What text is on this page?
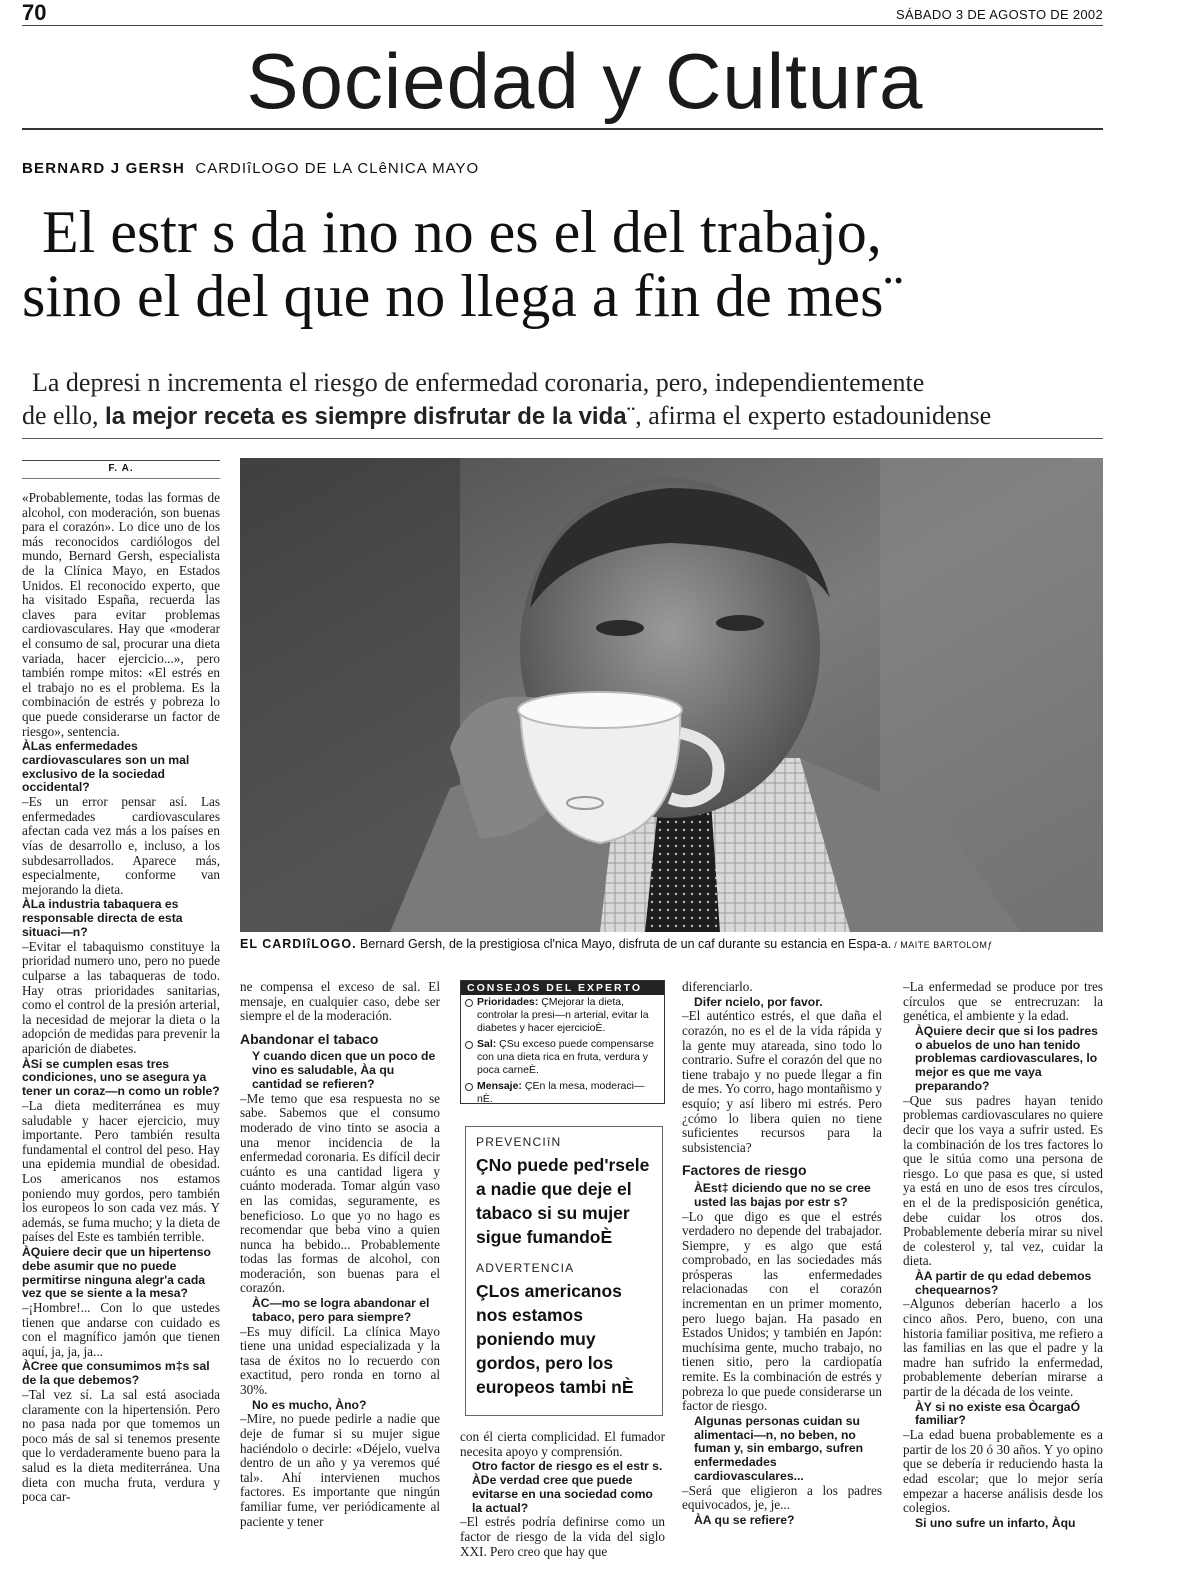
70	SÁBADO 3 DE AGOSTO DE 2002
Sociedad y Cultura
BERNARD J GERSH CARDIîLOGO DE LA CLêNICA MAYO
El estr s da ino no es el del trabajo,
sino el del que no llega a fin de mes¨
La depresi n incrementa el riesgo de enfermedad coronaria, pero, independientemente
de ello, la mejor receta es siempre disfrutar de la vida¨, afirma el experto estadounidense
F. A.

«Probablemente, todas las formas de alcohol, con moderación, son buenas para el corazón». Lo dice uno de los más reconocidos cardiólogos del mundo, Bernard Gersh, especialista de la Clínica Mayo, en Estados Unidos. El reconocido experto, que ha visitado España, recuerda las claves para evitar problemas cardiovasculares. Hay que «moderar el consumo de sal, procurar una dieta variada, hacer ejercicio...», pero también rompe mitos: «El estrés en el trabajo no es el problema. Es la combinación de estrés y pobreza lo que puede considerarse un factor de riesgo», sentencia.

ÀLas enfermedades cardiovasculares son un mal exclusivo de la sociedad occidental?

–Es un error pensar así. Las enfermedades cardiovasculares afectan cada vez más a los países en vías de desarrollo e, incluso, a los subdesarrollados. Aparece más, especialmente, conforme van mejorando la dieta.

ÀLa industria tabaquera es responsable directa de esta situaci—n?

–Evitar el tabaquismo constituye la prioridad numero uno, pero no puede culparse a las tabaqueras de todo. Hay otras prioridades sanitarias, como el control de la presión arterial, la necesidad de mejorar la dieta o la adopción de medidas para prevenir la aparición de diabetes.

ÀSi se cumplen esas tres condiciones, uno se asegura ya tener un coraz—n como un roble?

–La dieta mediterránea es muy saludable y hacer ejercicio, muy importante. Pero también resulta fundamental el control del peso. Hay una epidemia mundial de obesidad. Los americanos nos estamos poniendo muy gordos, pero también los europeos lo son cada vez más. Y además, se fuma mucho; y la dieta de países del Este es también terrible.

ÀQuiere decir que un hipertenso debe asumir que no puede permitirse ninguna alegr'a cada vez que se siente a la mesa?

–¡Hombre!... Con lo que ustedes tienen que andarse con cuidado es con el magnífico jamón que tienen aquí, ja, ja, ja...

ÀCree que consumimos m‡s sal de la que debemos?

–Tal vez sí. La sal está asociada claramente con la hipertensión. Pero no pasa nada por que tomemos un poco más de sal si tenemos presente que lo verdaderamente bueno para la salud es la dieta mediterránea. Una dieta con mucha fruta, verdura y poca car-

EL CARDIîLOGO. Bernard Gersh, de la prestigiosa cl'nica Mayo, disfruta de un caf durante su estancia en Espa-a. / MAITE BARTOLOMƒ

ne compensa el exceso de sal. El mensaje, en cualquier caso, debe ser siempre el de la moderación.

Abandonar el tabaco

Y cuando dicen que un poco de vino es saludable, Àa qu cantidad se refieren?

–Me temo que esa respuesta no se sabe. Sabemos que el consumo moderado de vino tinto se asocia a una menor incidencia de la enfermedad coronaria. Es difícil decir cuánto es una cantidad ligera y cuánto moderada. Tomar algún vaso en las comidas, seguramente, es beneficioso. Lo que yo no hago es recomendar que beba vino a quien nunca ha bebido... Probablemente todas las formas de alcohol, con moderación, son buenas para el corazón.

ÀC—mo se logra abandonar el tabaco, pero para siempre?

–Es muy difícil. La clínica Mayo tiene una unidad especializada y la tasa de éxitos no lo recuerdo con exactitud, pero ronda en torno al 30%.

No es mucho, Àno?

–Mire, no puede pedirle a nadie que deje de fumar si su mujer sigue haciéndolo o decirle: «Déjelo, vuelva dentro de un año y ya veremos qué tal». Ahí intervienen muchos factores. Es importante que ningún familiar fume, ver periódicamente al paciente y tener

CONSEJOS DEL EXPERTO
Prioridades: ÇMejorar la dieta, controlar la presi—n arterial, evitar la diabetes y hacer ejercicioÈ.
Sal: ÇSu exceso puede compensarse con una dieta rica en fruta, verdura y poca carneÈ.
Mensaje: ÇEn la mesa, moderaci—nÈ.
PREVENCIîN
ÇNo puede ped'rsele a nadie que deje el tabaco si su mujer sigue fumandoÈ
ADVERTENCIA
ÇLos americanos nos estamos poniendo muy gordos, pero los europeos tambi nÈ

con él cierta complicidad. El fumador necesita apoyo y comprensión.

Otro factor de riesgo es el estr s. ÀDe verdad cree que puede evitarse en una sociedad como la actual?

–El estrés podría definirse como un factor de riesgo de la vida del siglo XXI. Pero creo que hay que

diferenciarlo.

Difer ncielo, por favor.

–El auténtico estrés, el que daña el corazón, no es el de la vida rápida y la gente muy atareada, sino todo lo contrario. Sufre el corazón del que no tiene trabajo y no puede llegar a fin de mes. Yo corro, hago montañismo y esquío; y así libero mi estrés. Pero ¿cómo lo libera quien no tiene suficientes recursos para la subsistencia?

Factores de riesgo

ÀEst‡ diciendo que no se cree usted las bajas por estr s?

–Lo que digo es que el estrés verdadero no depende del trabajador. Siempre, y es algo que está comprobado, en las sociedades más prósperas las enfermedades relacionadas con el corazón incrementan en un primer momento, pero luego bajan. Ha pasado en Estados Unidos; y también en Japón: muchísima gente, mucho trabajo, no tienen sitio, pero la cardiopatía remite. Es la combinación de estrés y pobreza lo que puede considerarse un factor de riesgo.

Algunas personas cuidan su alimentaci—n, no beben, no fuman y, sin embargo, sufren enfermedades cardiovasculares...

–Será que eligieron a los padres equivocados, je, je...

ÀA qu se refiere?

–La enfermedad se produce por tres círculos que se entrecruzan: la genética, el ambiente y la edad.

ÀQuiere decir que si los padres o abuelos de uno han tenido problemas cardiovasculares, lo mejor es que me vaya preparando?

–Que sus padres hayan tenido problemas cardiovasculares no quiere decir que los vaya a sufrir usted. Es la combinación de los tres factores lo que le sitúa como una persona de riesgo. Lo que pasa es que, si usted ya está en uno de esos tres círculos, en el de la predisposición genética, debe cuidar los otros dos. Probablemente debería mirar su nivel de colesterol y, tal vez, cuidar la dieta.

ÀA partir de qu edad debemos chequearnos?

–Algunos deberían hacerlo a los cinco años. Pero, bueno, con una historia familiar positiva, me refiero a las familias en las que el padre y la madre han sufrido la enfermedad, probablemente deberían mirarse a partir de la década de los veinte.

ÀY si no existe esa ÒcargaÓ familiar?

–La edad buena probablemente es a partir de los 20 ó 30 años. Y yo opino que se debería ir reduciendo hasta la edad escolar; que lo mejor sería empezar a hacerse análisis desde los colegios.

Si uno sufre un infarto, Àqu
